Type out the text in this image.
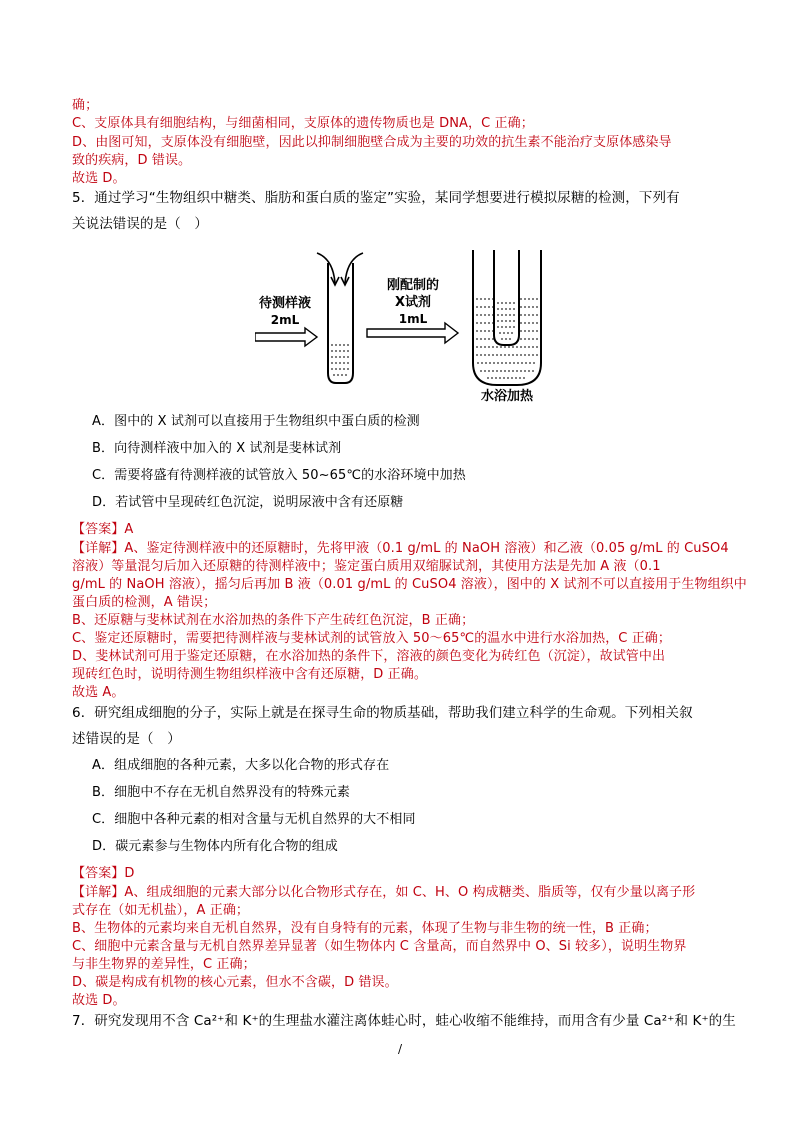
确；
C、支原体具有细胞结构，与细菌相同，支原体的遗传物质也是 DNA，C 正确；
D、由图可知，支原体没有细胞壁，因此以抑制细胞壁合成为主要的功效的抗生素不能治疗支原体感染导
致的疾病，D 错误。
故选 D。
5．通过学习“生物组织中糖类、脂肪和蛋白质的鉴定”实验，某同学想要进行模拟尿糖的检测，下列有
关说法错误的是（　）
待测样液
2mL
刚配制的
X试剂
1mL
水浴加热
A．图中的 X 试剂可以直接用于生物组织中蛋白质的检测
B．向待测样液中加入的 X 试剂是斐林试剂
C．需要将盛有待测样液的试管放入 50~65℃的水浴环境中加热
D．若试管中呈现砖红色沉淀，说明尿液中含有还原糖
【答案】A
【详解】A、鉴定待测样液中的还原糖时，先将甲液（0.1 g/mL 的 NaOH 溶液）和乙液（0.05 g/mL 的 CuSO4
溶液）等量混匀后加入还原糖的待测样液中；鉴定蛋白质用双缩脲试剂，其使用方法是先加 A 液（0.1
g/mL 的 NaOH 溶液），摇匀后再加 B 液（0.01 g/mL 的 CuSO4 溶液），图中的 X 试剂不可以直接用于生物组织中
蛋白质的检测，A 错误；
B、还原糖与斐林试剂在水浴加热的条件下产生砖红色沉淀，B 正确；
C、鉴定还原糖时，需要把待测样液与斐林试剂的试管放入 50～65℃的温水中进行水浴加热，C 正确；
D、斐林试剂可用于鉴定还原糖，在水浴加热的条件下，溶液的颜色变化为砖红色（沉淀），故试管中出
现砖红色时，说明待测生物组织样液中含有还原糖，D 正确。
故选 A。
6．研究组成细胞的分子，实际上就是在探寻生命的物质基础，帮助我们建立科学的生命观。下列相关叙
述错误的是（　）
A．组成细胞的各种元素，大多以化合物的形式存在
B．细胞中不存在无机自然界没有的特殊元素
C．细胞中各种元素的相对含量与无机自然界的大不相同
D．碳元素参与生物体内所有化合物的组成
【答案】D
【详解】A、组成细胞的元素大部分以化合物形式存在，如 C、H、O 构成糖类、脂质等，仅有少量以离子形
式存在（如无机盐），A 正确；
B、生物体的元素均来自无机自然界，没有自身特有的元素，体现了生物与非生物的统一性，B 正确；
C、细胞中元素含量与无机自然界差异显著（如生物体内 C 含量高，而自然界中 O、Si 较多），说明生物界
与非生物界的差异性，C 正确；
D、碳是构成有机物的核心元素，但水不含碳，D 错误。
故选 D。
7．研究发现用不含 Ca²⁺和 K⁺的生理盐水灌注离体蛙心时，蛙心收缩不能维持，而用含有少量 Ca²⁺和 K⁺的生
/
